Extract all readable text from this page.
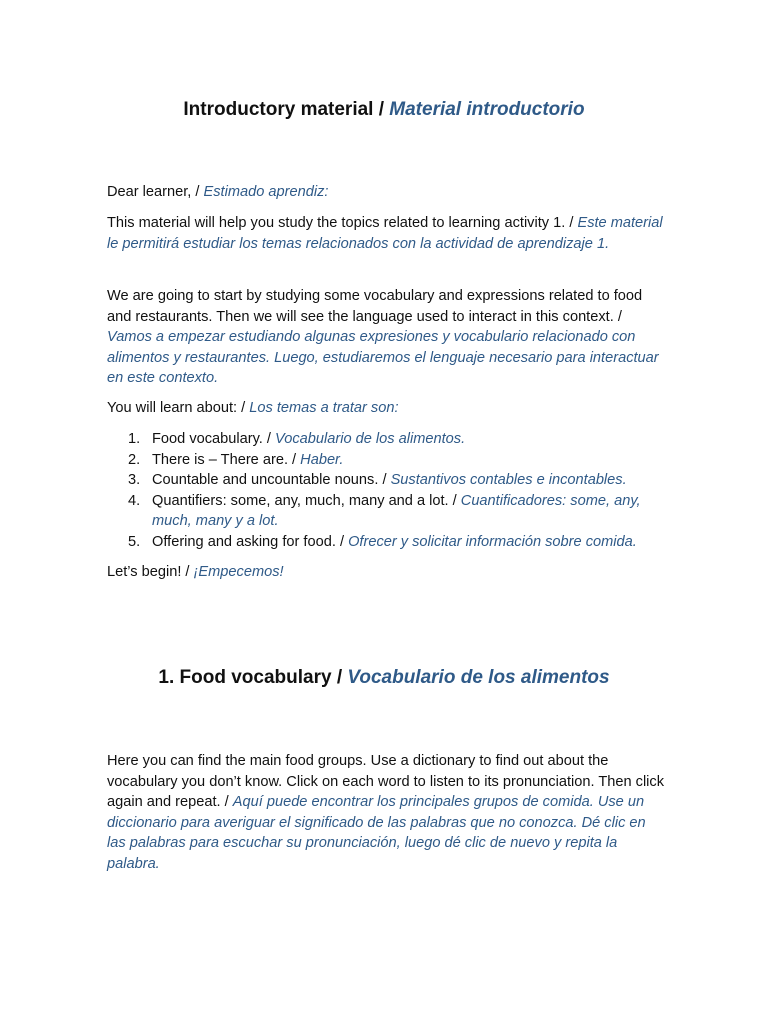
Introductory material / Material introductorio

Dear learner, / Estimado aprendiz:

This material will help you study the topics related to learning activity 1. / Este material le permitirá estudiar los temas relacionados con la actividad de aprendizaje 1.

We are going to start by studying some vocabulary and expressions related to food and restaurants. Then we will see the language used to interact in this context. / Vamos a empezar estudiando algunas expresiones y vocabulario relacionado con alimentos y restaurantes. Luego, estudiaremos el lenguaje necesario para interactuar en este contexto.

You will learn about: / Los temas a tratar son:

1. Food vocabulary. / Vocabulario de los alimentos.
2. There is – There are. / Haber.
3. Countable and uncountable nouns. / Sustantivos contables e incontables.
4. Quantifiers: some, any, much, many and a lot. / Cuantificadores: some, any, much, many y a lot.
5. Offering and asking for food. / Ofrecer y solicitar información sobre comida.

Let’s begin! / ¡Empecemos!

1. Food vocabulary / Vocabulario de los alimentos

Here you can find the main food groups. Use a dictionary to find out about the vocabulary you don’t know. Click on each word to listen to its pronunciation. Then click again and repeat. / Aquí puede encontrar los principales grupos de comida. Use un diccionario para averiguar el significado de las palabras que no conozca. Dé clic en las palabras para escuchar su pronunciación, luego dé clic de nuevo y repita la palabra.
